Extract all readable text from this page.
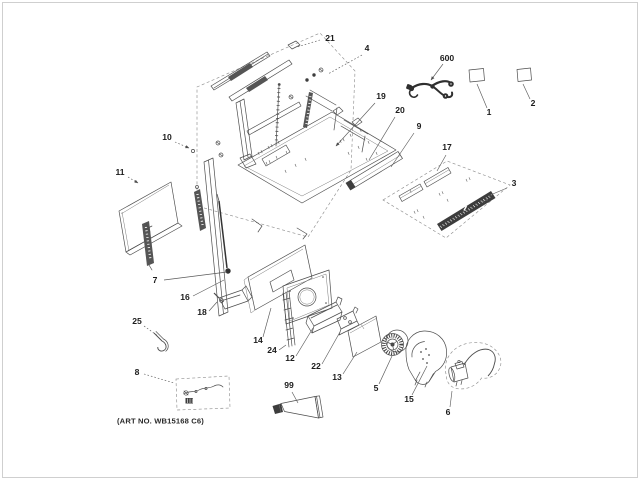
(ART NO. WB15168 C6)
21
4
600
1
2
19
20
9
17
3
10
11
7
16
18
25
14
24
12
22
13
5
15
6
8
99
